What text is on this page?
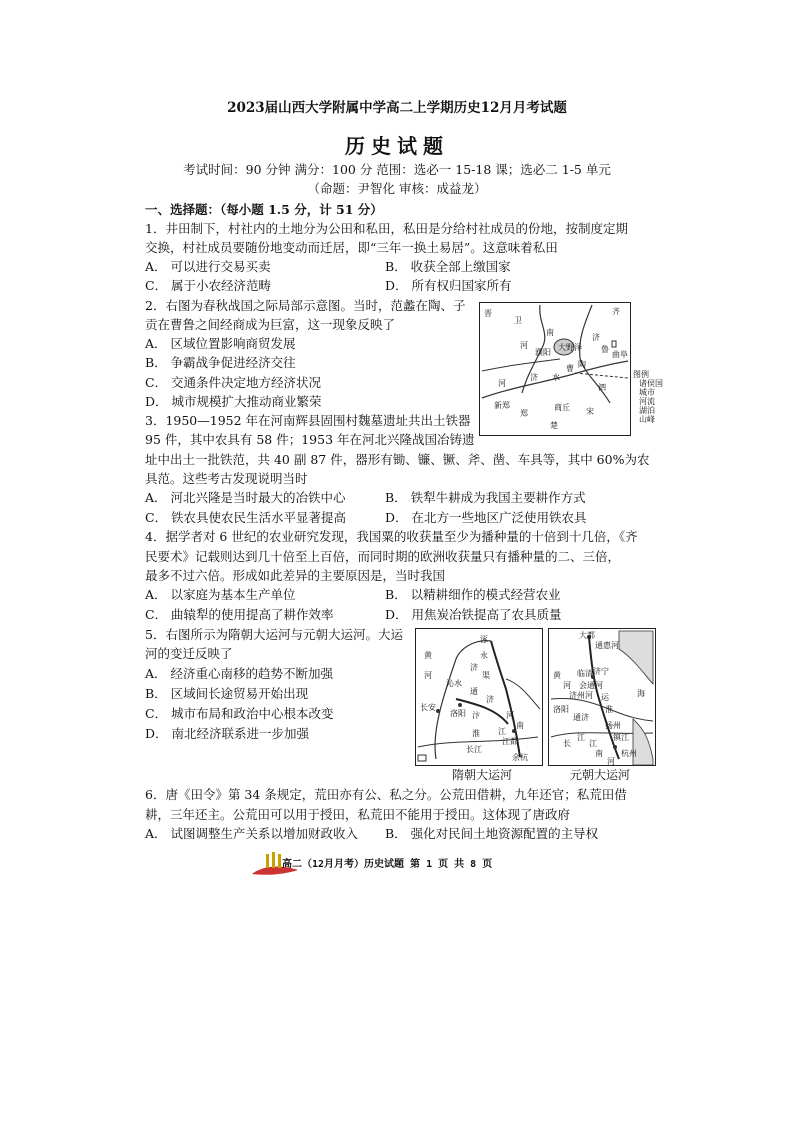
2023届山西大学附属中学高二上学期历史12月月考试题
历史试题
考试时间：90 分钟 满分：100 分 范围：选必一 15-18 课；选必二 1-5 单元
（命题：尹智化 审核：成益龙）
一、选择题：（每小题 1.5 分，计 51 分）
1．井田制下，村社内的土地分为公田和私田，私田是分给村社成员的份地，按制度定期
交换，村社成员要随份地变动而迁居，即“三年一换土易居”。这意味着私田
A． 可以进行交易买卖	B． 收获全部上缴国家
C． 属于小农经济范畴	D． 所有权归国家所有
2．右图为春秋战国之际局部示意图。当时，范蠡在陶、子
贡在曹鲁之间经商成为巨富，这一现象反映了
A． 区域位置影响商贸发展
B． 争霸战争促进经济交往
C． 交通条件决定地方经济状况
D． 城市规模扩大推动商业繁荣
晋
卫
河
南
济
鲁
曲阜
濮阳
大野泽
陶
曹
济 水
河
新郑
郑
商丘 宋
楚
泗
齐
图例
诸侯国
城市
河流
湖泊
山峰
3．1950—1952 年在河南辉县固围村魏墓遗址共出土铁器
95 件，其中农具有 58 件；1953 年在河北兴隆战国冶铸遗
址中出土一批铁范，共 40 副 87 件，器形有锄、镰、镢、斧、凿、车具等，其中 60%为农
具范。这些考古发现说明当时
A． 河北兴隆是当时最大的冶铁中心	B． 铁犁牛耕成为我国主要耕作方式
C． 铁农具使农民生活水平显著提高	D． 在北方一些地区广泛使用铁农具
4．据学者对 6 世纪的农业研究发现，我国粟的收获量至少为播种量的十倍到十几倍，《齐
民要术》记载则达到几十倍至上百倍，而同时期的欧洲收获量只有播种量的二、三倍，
最多不过六倍。形成如此差异的主要原因是，当时我国
A． 以家庭为基本生产单位	B． 以精耕细作的模式经营农业
C． 曲辕犁的使用提高了耕作效率	D． 用焦炭冶铁提高了农具质量
5．右图所示为隋朝大运河与元朝大运河。大运
河的变迁反映了
A． 经济重心南移的趋势不断加强
B． 区域间长途贸易开始出现
C． 城市布局和政治中心根本改变
D． 南北经济联系进一步加强
涿
黄
河
永
济
渠
沁水
通
洛阳
长安
济
汴
淮 江
南
江都
长江
河
余杭
隋朝大运河
大都
通惠河
临清 济宁
会通河
济州河
黄
河
洛阳
通济
淮
江
扬州
长 江
镇江
杭州
海
南
运
河
元朝大运河
6．唐《田令》第 34 条规定，荒田亦有公、私之分。公荒田借耕，九年还官；私荒田借
耕，三年还主。公荒田可以用于授田，私荒田不能用于授田。这体现了唐政府
A． 试图调整生产关系以增加财政收入 B． 强化对民间土地资源配置的主导权
高二（12月月考）历史试题 第 1 页 共 8 页
